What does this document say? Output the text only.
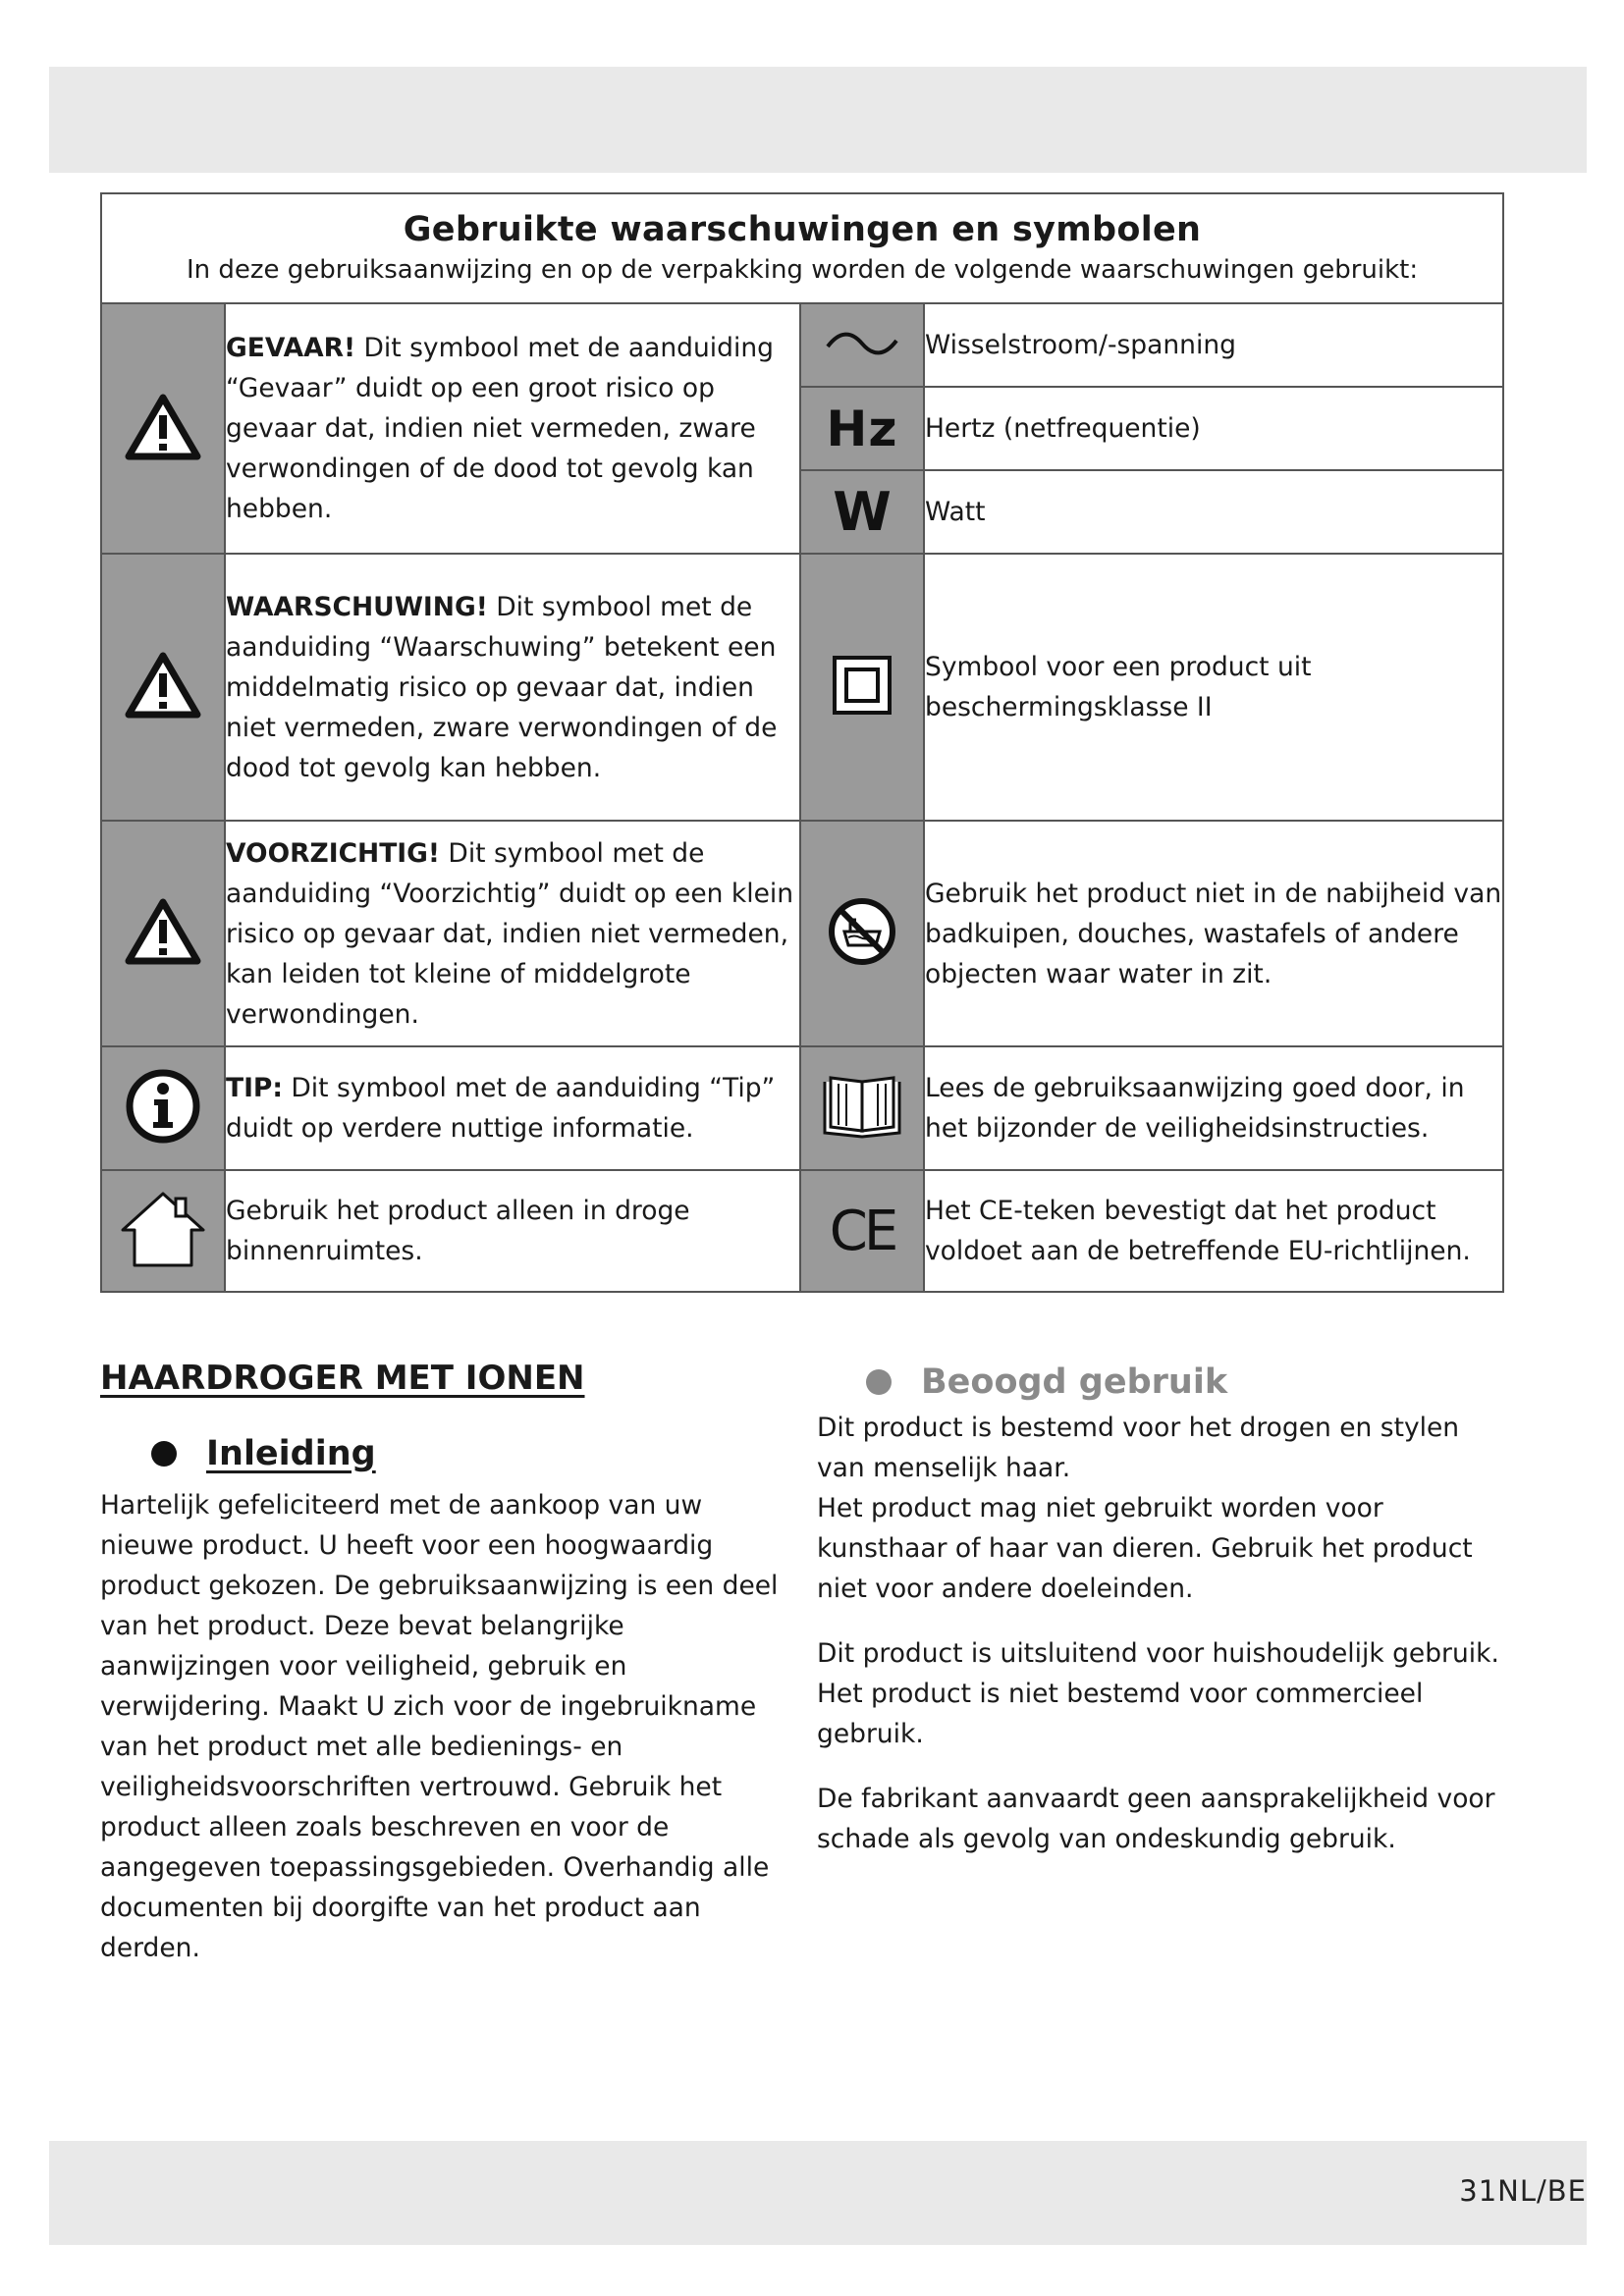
Gebruikte waarschuwingen en symbolen
In deze gebruiksaanwijzing en op de verpakking worden de volgende waarschuwingen gebruikt:			

	GEVAAR! Dit symbool met de aanduiding “Gevaar” duidt op een groot risico op gevaar dat, indien niet vermeden, zware verwondingen of de dood tot gevolg kan hebben.		Wisselstroom/-spanning
		Hz	Hertz (netfrequentie)
		W	Watt
	WAARSCHUWING! Dit symbool met de aanduiding “Waarschuwing” betekent een middelmatig risico op gevaar dat, indien niet vermeden, zware verwondingen of de dood tot gevolg kan hebben.		Symbool voor een product uit beschermingsklasse II
	VOORZICHTIG! Dit symbool met de aanduiding “Voorzichtig” duidt op een klein risico op gevaar dat, indien niet vermeden, kan leiden tot kleine of middelgrote verwondingen.		Gebruik het product niet in de nabijheid van badkuipen, douches, wastafels of andere objecten waar water in zit.
	TIP: Dit symbool met de aanduiding “Tip” duidt op verdere nuttige informatie.		Lees de gebruiksaanwijzing goed door, in het bijzonder de veiligheidsinstructies.
	Gebruik het product alleen in droge binnenruimtes.	CE	Het CE-teken bevestigt dat het product voldoet aan de betreffende EU-richtlijnen.
HAARDROGER MET IONEN
Inleiding

Hartelijk gefeliciteerd met de aankoop van uw nieuwe product. U heeft voor een hoogwaardig product gekozen. De gebruiksaanwijzing is een deel van het product. Deze bevat belangrijke aanwijzingen voor veiligheid, gebruik en verwijdering. Maakt U zich voor de ingebruikname van het product met alle bedienings- en veiligheidsvoorschriften vertrouwd. Gebruik het product alleen zoals beschreven en voor de aangegeven toepassingsgebieden. Overhandig alle documenten bij doorgifte van het product aan derden.

Beoogd gebruik

Dit product is bestemd voor het drogen en stylen van menselijk haar.

Het product mag niet gebruikt worden voor kunsthaar of haar van dieren. Gebruik het product niet voor andere doeleinden.

Dit product is uitsluitend voor huishoudelijk gebruik.

Het product is niet bestemd voor commercieel gebruik.

De fabrikant aanvaardt geen aansprakelijkheid voor schade als gevolg van ondeskundig gebruik.

31NL/BE
